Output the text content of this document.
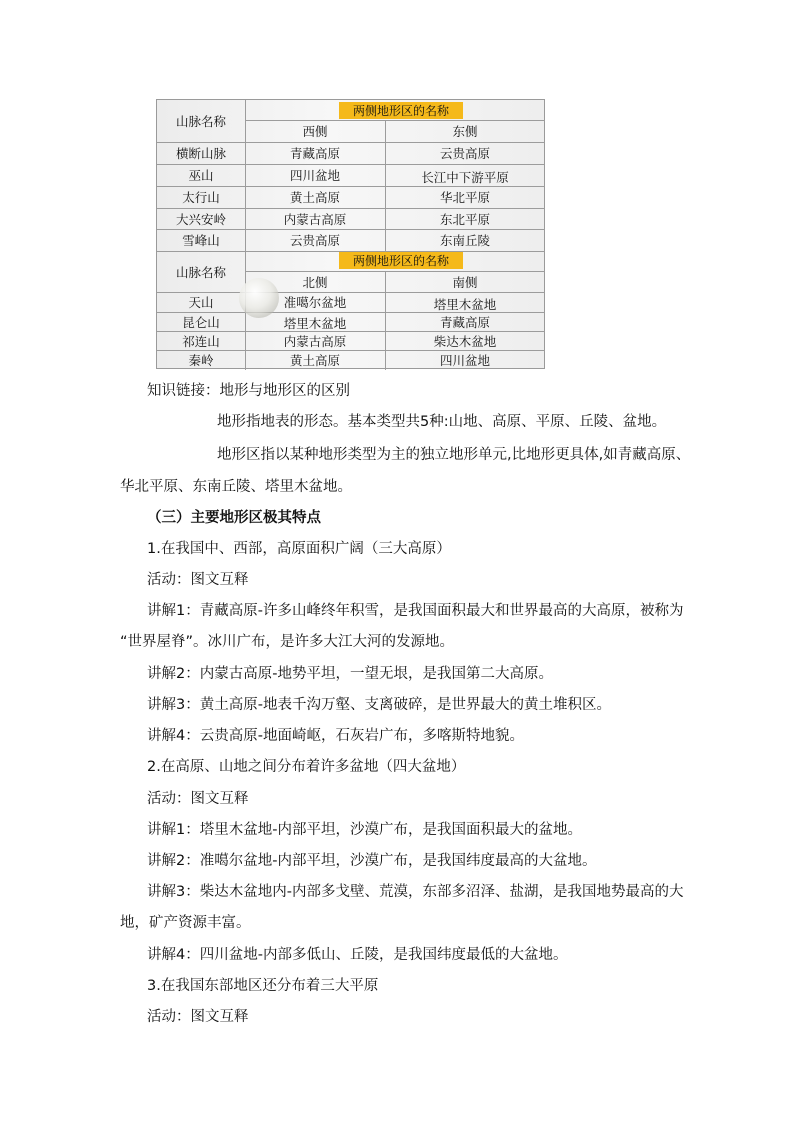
山脉名称
两侧地形区的名称
西侧	东侧
横断山脉	青藏高原	云贵高原
巫山	四川盆地	长江中下游平原
太行山	黄土高原	华北平原
大兴安岭	内蒙古高原	东北平原
雪峰山	云贵高原	东南丘陵
山脉名称
两侧地形区的名称
北侧	南侧
天山	准噶尔盆地	塔里木盆地
昆仑山	塔里木盆地	青藏高原
祁连山	内蒙古高原	柴达木盆地
秦岭	黄土高原	四川盆地
知识链接：地形与地形区的区别
地形指地表的形态。基本类型共5种:山地、高原、平原、丘陵、盆地。
地形区指以某种地形类型为主的独立地形单元,比地形更具体,如青藏高原、
华北平原、东南丘陵、塔里木盆地。
（三）主要地形区极其特点
1.在我国中、西部，高原面积广阔（三大高原）
活动：图文互释
讲解1：青藏高原-许多山峰终年积雪，是我国面积最大和世界最高的大高原，被称为
“世界屋脊”。冰川广布，是许多大江大河的发源地。
讲解2：内蒙古高原-地势平坦，一望无垠，是我国第二大高原。
讲解3：黄土高原-地表千沟万壑、支离破碎，是世界最大的黄土堆积区。
讲解4：云贵高原-地面崎岖，石灰岩广布，多喀斯特地貌。
2.在高原、山地之间分布着许多盆地（四大盆地）
活动：图文互释
讲解1：塔里木盆地-内部平坦，沙漠广布，是我国面积最大的盆地。
讲解2：准噶尔盆地-内部平坦，沙漠广布，是我国纬度最高的大盆地。
讲解3：柴达木盆地内-内部多戈壁、荒漠，东部多沼泽、盐湖，是我国地势最高的大
地，矿产资源丰富。
讲解4：四川盆地-内部多低山、丘陵，是我国纬度最低的大盆地。
3.在我国东部地区还分布着三大平原
活动：图文互释
